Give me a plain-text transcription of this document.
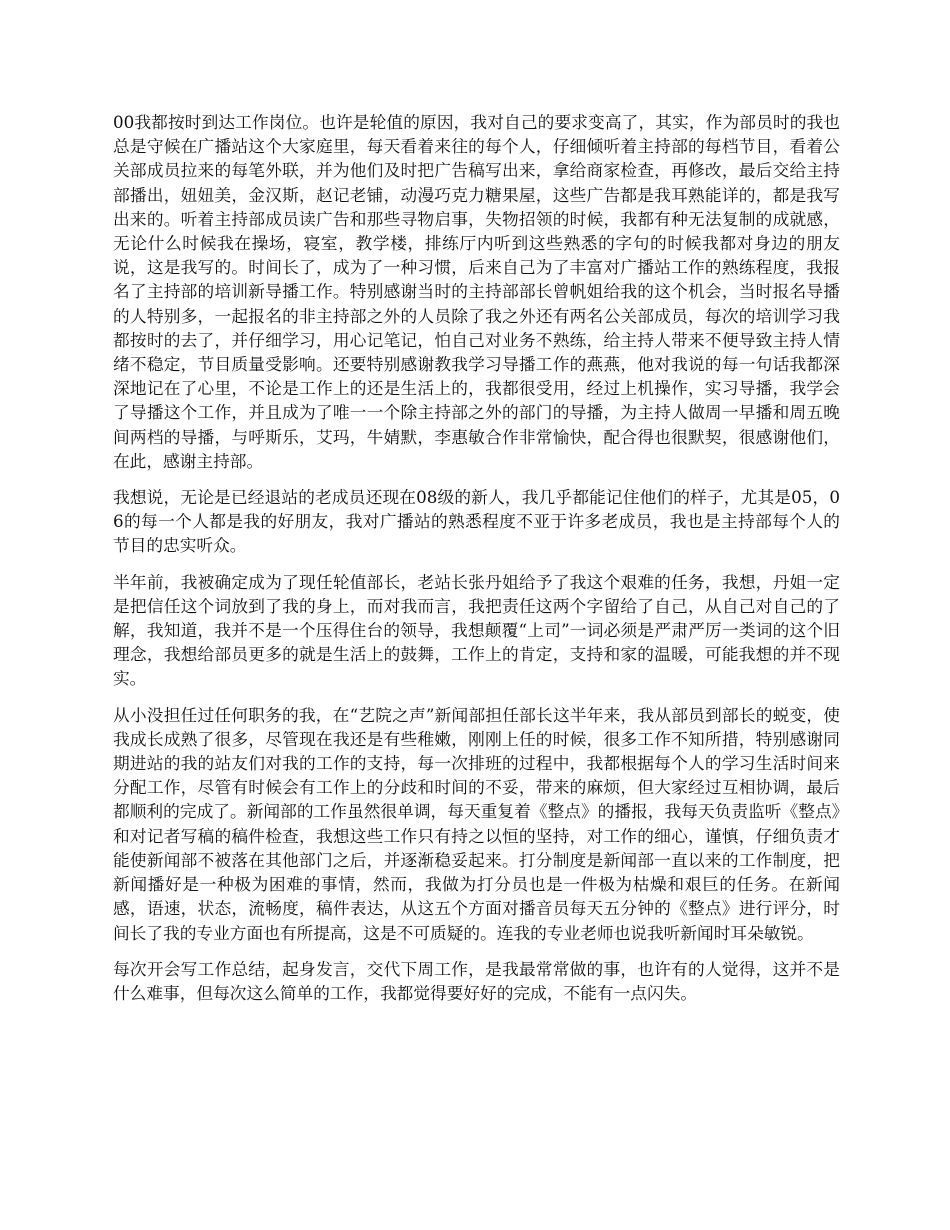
00我都按时到达工作岗位。也许是轮值的原因，我对自己的要求变高了，其实，作为部员时的我也总是守候在广播站这个大家庭里，每天看着来往的每个人，仔细倾听着主持部的每档节目，看着公关部成员拉来的每笔外联，并为他们及时把广告稿写出来，拿给商家检查，再修改，最后交给主持部播出，妞妞美，金汉斯，赵记老铺，动漫巧克力糖果屋，这些广告都是我耳熟能详的，都是我写出来的。听着主持部成员读广告和那些寻物启事，失物招领的时候，我都有种无法复制的成就感，无论什么时候我在操场，寝室，教学楼，排练厅内听到这些熟悉的字句的时候我都对身边的朋友说，这是我写的。时间长了，成为了一种习惯，后来自己为了丰富对广播站工作的熟练程度，我报名了主持部的培训新导播工作。特别感谢当时的主持部部长曾帆姐给我的这个机会，当时报名导播的人特别多，一起报名的非主持部之外的人员除了我之外还有两名公关部成员，每次的培训学习我都按时的去了，并仔细学习，用心记笔记，怕自己对业务不熟练，给主持人带来不便导致主持人情绪不稳定，节目质量受影响。还要特别感谢教我学习导播工作的燕燕，他对我说的每一句话我都深深地记在了心里，不论是工作上的还是生活上的，我都很受用，经过上机操作，实习导播，我学会了导播这个工作，并且成为了唯一一个除主持部之外的部门的导播，为主持人做周一早播和周五晚间两档的导播，与呼斯乐，艾玛，牛婧默，李惠敏合作非常愉快，配合得也很默契，很感谢他们，在此，感谢主持部。

我想说，无论是已经退站的老成员还现在08级的新人，我几乎都能记住他们的样子，尤其是05，06的每一个人都是我的好朋友，我对广播站的熟悉程度不亚于许多老成员，我也是主持部每个人的节目的忠实听众。

半年前，我被确定成为了现任轮值部长，老站长张丹姐给予了我这个艰难的任务，我想，丹姐一定是把信任这个词放到了我的身上，而对我而言，我把责任这两个字留给了自己，从自己对自己的了解，我知道，我并不是一个压得住台的领导，我想颠覆“上司”一词必须是严肃严厉一类词的这个旧理念，我想给部员更多的就是生活上的鼓舞，工作上的肯定，支持和家的温暖，可能我想的并不现实。

从小没担任过任何职务的我，在“艺院之声”新闻部担任部长这半年来，我从部员到部长的蜕变，使我成长成熟了很多，尽管现在我还是有些稚嫩，刚刚上任的时候，很多工作不知所措，特别感谢同期进站的我的站友们对我的工作的支持，每一次排班的过程中，我都根据每个人的学习生活时间来分配工作，尽管有时候会有工作上的分歧和时间的不妥，带来的麻烦，但大家经过互相协调，最后都顺利的完成了。新闻部的工作虽然很单调，每天重复着《整点》的播报，我每天负责监听《整点》和对记者写稿的稿件检查，我想这些工作只有持之以恒的坚持，对工作的细心，谨慎，仔细负责才能使新闻部不被落在其他部门之后，并逐渐稳妥起来。打分制度是新闻部一直以来的工作制度，把新闻播好是一种极为困难的事情，然而，我做为打分员也是一件极为枯燥和艰巨的任务。在新闻感，语速，状态，流畅度，稿件表达，从这五个方面对播音员每天五分钟的《整点》进行评分，时间长了我的专业方面也有所提高，这是不可质疑的。连我的专业老师也说我听新闻时耳朵敏锐。

每次开会写工作总结，起身发言，交代下周工作，是我最常常做的事，也许有的人觉得，这并不是什么难事，但每次这么简单的工作，我都觉得要好好的完成，不能有一点闪失。
